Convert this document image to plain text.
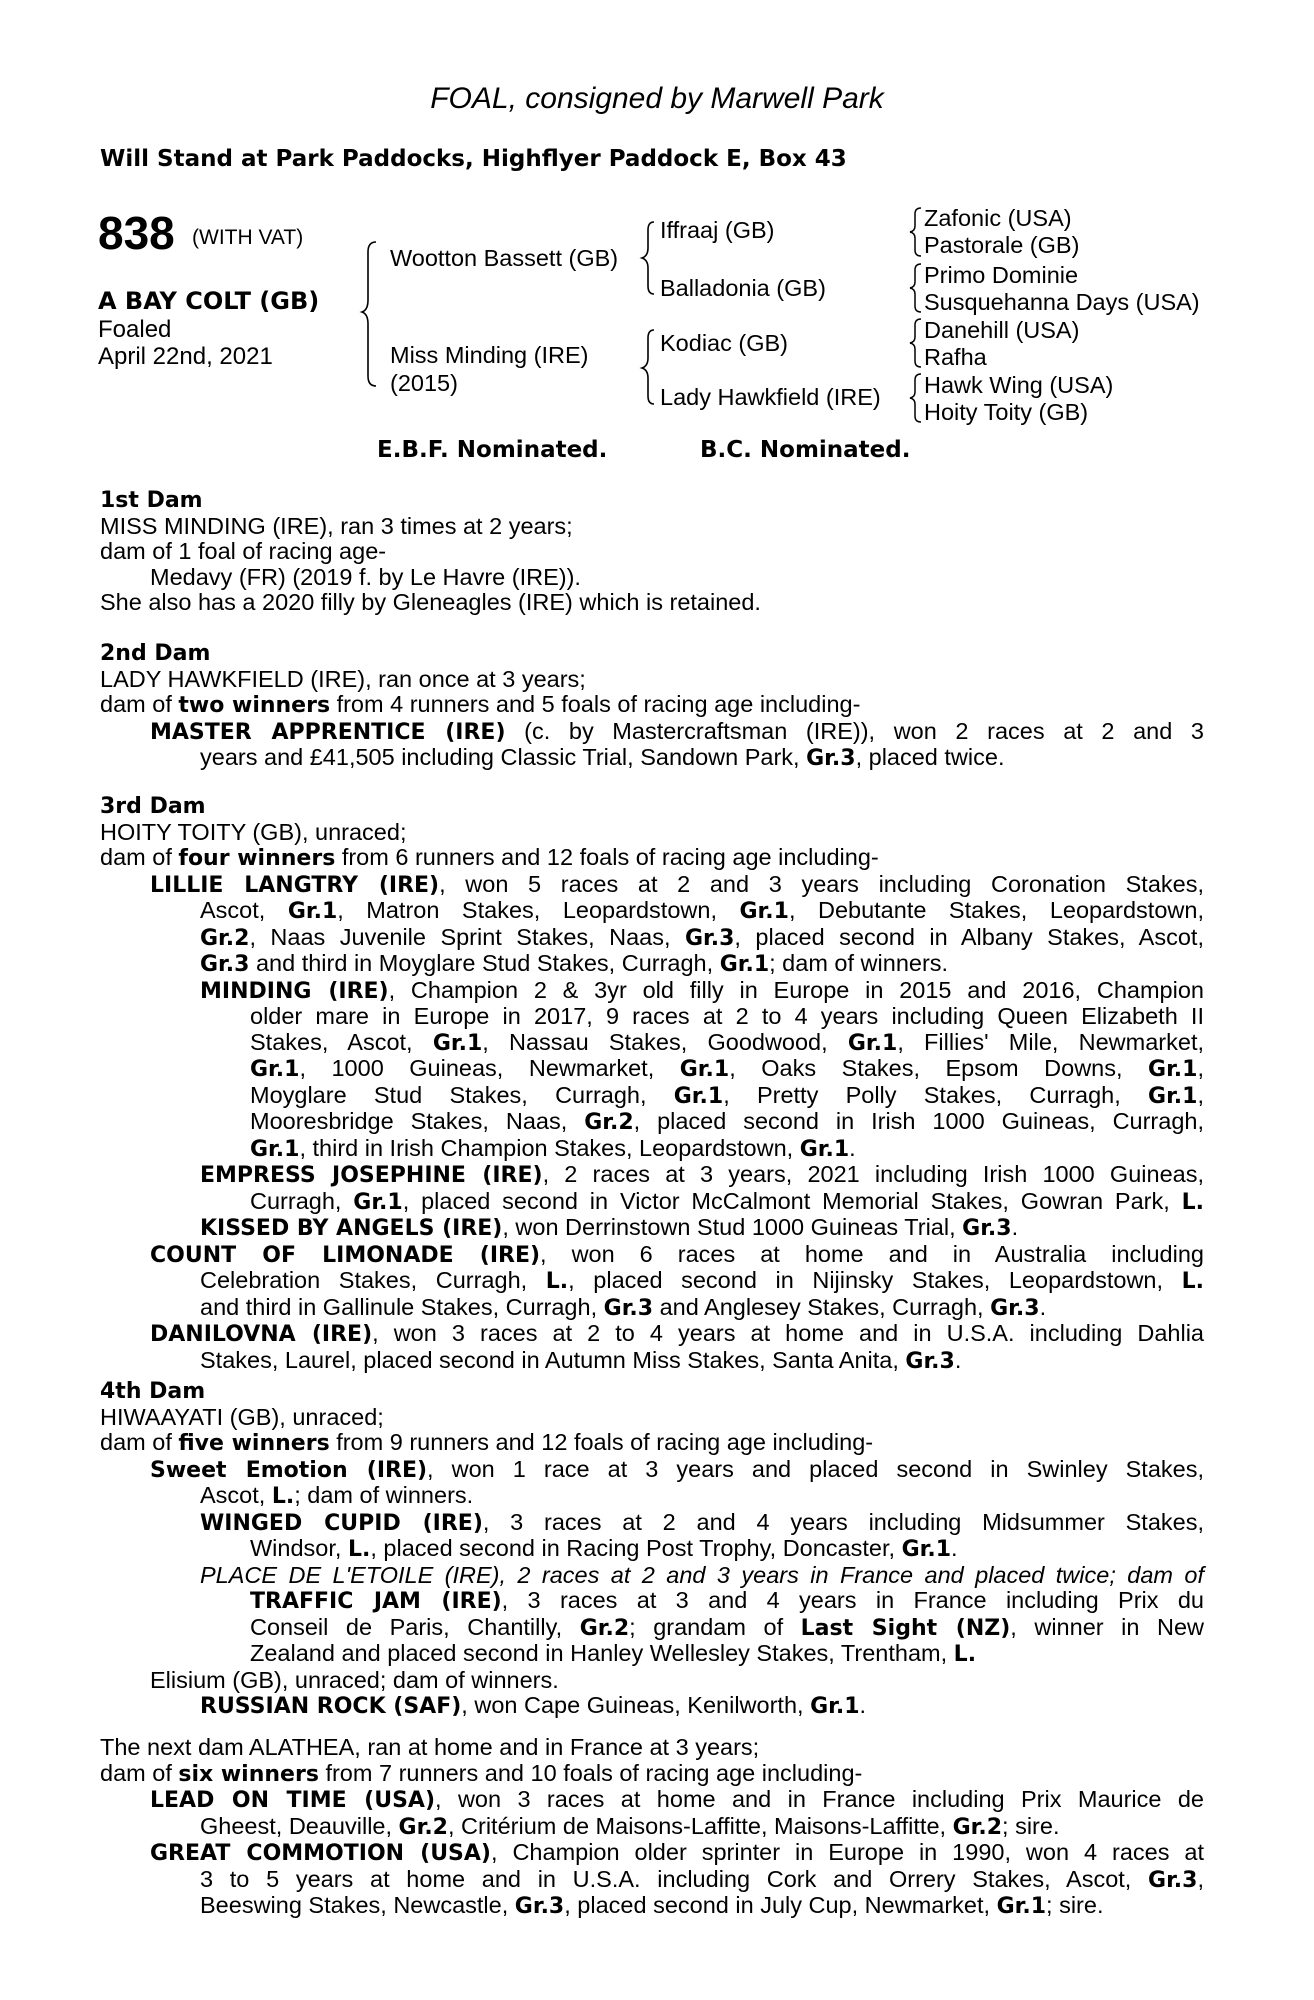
FOAL, consigned by Marwell Park
Will Stand at Park Paddocks, Highflyer Paddock E, Box 43
838 (WITH VAT)
A BAY COLT (GB)
Foaled
April 22nd, 2021
Wootton Bassett (GB)
Miss Minding (IRE)
(2015)
Iffraaj (GB)
Balladonia (GB)
Kodiac (GB)
Lady Hawkfield (IRE)
Zafonic (USA)
Pastorale (GB)
Primo Dominie
Susquehanna Days (USA)
Danehill (USA)
Rafha
Hawk Wing (USA)
Hoity Toity (GB)
E.B.F. Nominated.	B.C. Nominated.
1st Dam
MISS MINDING (IRE), ran 3 times at 2 years;
dam of 1 foal of racing age-
Medavy (FR) (2019 f. by Le Havre (IRE)).
She also has a 2020 filly by Gleneagles (IRE) which is retained.
2nd Dam
LADY HAWKFIELD (IRE), ran once at 3 years;
dam of two winners from 4 runners and 5 foals of racing age including-
MASTER APPRENTICE (IRE) (c. by Mastercraftsman (IRE)), won 2 races at 2 and 3
years and £41,505 including Classic Trial, Sandown Park, Gr.3, placed twice.
3rd Dam
HOITY TOITY (GB), unraced;
dam of four winners from 6 runners and 12 foals of racing age including-
LILLIE LANGTRY (IRE), won 5 races at 2 and 3 years including Coronation Stakes,
Ascot, Gr.1, Matron Stakes, Leopardstown, Gr.1, Debutante Stakes, Leopardstown,
Gr.2, Naas Juvenile Sprint Stakes, Naas, Gr.3, placed second in Albany Stakes, Ascot,
Gr.3 and third in Moyglare Stud Stakes, Curragh, Gr.1; dam of winners.
MINDING (IRE), Champion 2 & 3yr old filly in Europe in 2015 and 2016, Champion
older mare in Europe in 2017, 9 races at 2 to 4 years including Queen Elizabeth II
Stakes, Ascot, Gr.1, Nassau Stakes, Goodwood, Gr.1, Fillies' Mile, Newmarket,
Gr.1, 1000 Guineas, Newmarket, Gr.1, Oaks Stakes, Epsom Downs, Gr.1,
Moyglare Stud Stakes, Curragh, Gr.1, Pretty Polly Stakes, Curragh, Gr.1,
Mooresbridge Stakes, Naas, Gr.2, placed second in Irish 1000 Guineas, Curragh,
Gr.1, third in Irish Champion Stakes, Leopardstown, Gr.1.
EMPRESS JOSEPHINE (IRE), 2 races at 3 years, 2021 including Irish 1000 Guineas,
Curragh, Gr.1, placed second in Victor McCalmont Memorial Stakes, Gowran Park, L.
KISSED BY ANGELS (IRE), won Derrinstown Stud 1000 Guineas Trial, Gr.3.
COUNT OF LIMONADE (IRE), won 6 races at home and in Australia including
Celebration Stakes, Curragh, L., placed second in Nijinsky Stakes, Leopardstown, L.
and third in Gallinule Stakes, Curragh, Gr.3 and Anglesey Stakes, Curragh, Gr.3.
DANILOVNA (IRE), won 3 races at 2 to 4 years at home and in U.S.A. including Dahlia
Stakes, Laurel, placed second in Autumn Miss Stakes, Santa Anita, Gr.3.
4th Dam
HIWAAYATI (GB), unraced;
dam of five winners from 9 runners and 12 foals of racing age including-
Sweet Emotion (IRE), won 1 race at 3 years and placed second in Swinley Stakes,
Ascot, L.; dam of winners.
WINGED CUPID (IRE), 3 races at 2 and 4 years including Midsummer Stakes,
Windsor, L., placed second in Racing Post Trophy, Doncaster, Gr.1.
PLACE DE L'ETOILE (IRE), 2 races at 2 and 3 years in France and placed twice; dam of
TRAFFIC JAM (IRE), 3 races at 3 and 4 years in France including Prix du
Conseil de Paris, Chantilly, Gr.2; grandam of Last Sight (NZ), winner in New
Zealand and placed second in Hanley Wellesley Stakes, Trentham, L.
Elisium (GB), unraced; dam of winners.
RUSSIAN ROCK (SAF), won Cape Guineas, Kenilworth, Gr.1.
The next dam ALATHEA, ran at home and in France at 3 years;
dam of six winners from 7 runners and 10 foals of racing age including-
LEAD ON TIME (USA), won 3 races at home and in France including Prix Maurice de
Gheest, Deauville, Gr.2, Critérium de Maisons-Laffitte, Maisons-Laffitte, Gr.2; sire.
GREAT COMMOTION (USA), Champion older sprinter in Europe in 1990, won 4 races at
3 to 5 years at home and in U.S.A. including Cork and Orrery Stakes, Ascot, Gr.3,
Beeswing Stakes, Newcastle, Gr.3, placed second in July Cup, Newmarket, Gr.1; sire.
